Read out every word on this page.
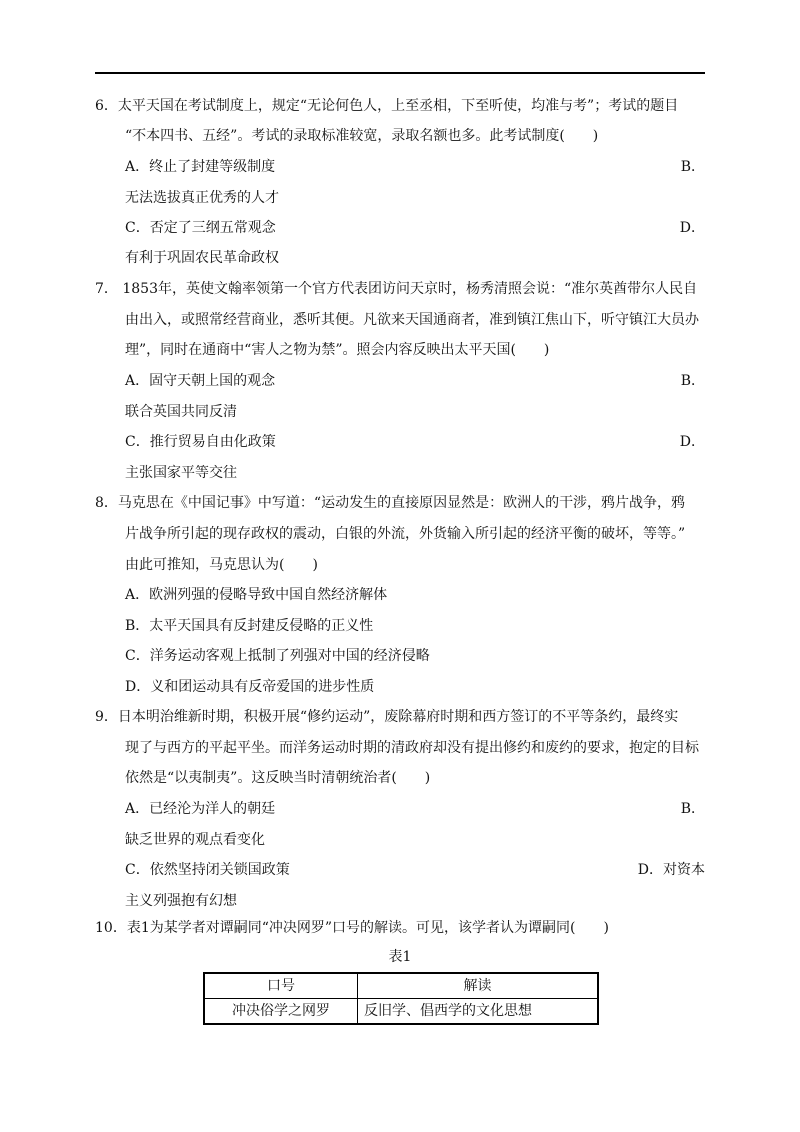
6．太平天国在考试制度上，规定“无论何色人，上至丞相，下至听使，均准与考”；考试的题目
“不本四书、五经”。考试的录取标准较宽，录取名额也多。此考试制度(　　)
A．终止了封建等级制度	B．
无法选拔真正优秀的人才
C．否定了三纲五常观念	D．
有利于巩固农民革命政权
7． 1853年，英使文翰率领第一个官方代表团访问天京时，杨秀清照会说：“准尔英酋带尔人民自
由出入，或照常经营商业，悉听其便。凡欲来天国通商者，准到镇江焦山下，听守镇江大员办
理”，同时在通商中“害人之物为禁”。照会内容反映出太平天国(　　)
A．固守天朝上国的观念	B．
联合英国共同反清
C．推行贸易自由化政策	D．
主张国家平等交往
8．马克思在《中国记事》中写道：“运动发生的直接原因显然是：欧洲人的干涉，鸦片战争，鸦
片战争所引起的现存政权的震动，白银的外流，外货输入所引起的经济平衡的破坏，等等。”
由此可推知，马克思认为(　　)
A．欧洲列强的侵略导致中国自然经济解体
B．太平天国具有反封建反侵略的正义性
C．洋务运动客观上抵制了列强对中国的经济侵略
D．义和团运动具有反帝爱国的进步性质
9．日本明治维新时期，积极开展“修约运动”，废除幕府时期和西方签订的不平等条约，最终实
现了与西方的平起平坐。而洋务运动时期的清政府却没有提出修约和废约的要求，抱定的目标
依然是“以夷制夷”。这反映当时清朝统治者(　　)
A．已经沦为洋人的朝廷	B．
缺乏世界的观点看变化
C．依然坚持闭关锁国政策	D．对资本
主义列强抱有幻想
10．表1为某学者对谭嗣同“冲决网罗”口号的解读。可见，该学者认为谭嗣同(　　)
表1
口号	解读
冲决俗学之网罗	反旧学、倡西学的文化思想
